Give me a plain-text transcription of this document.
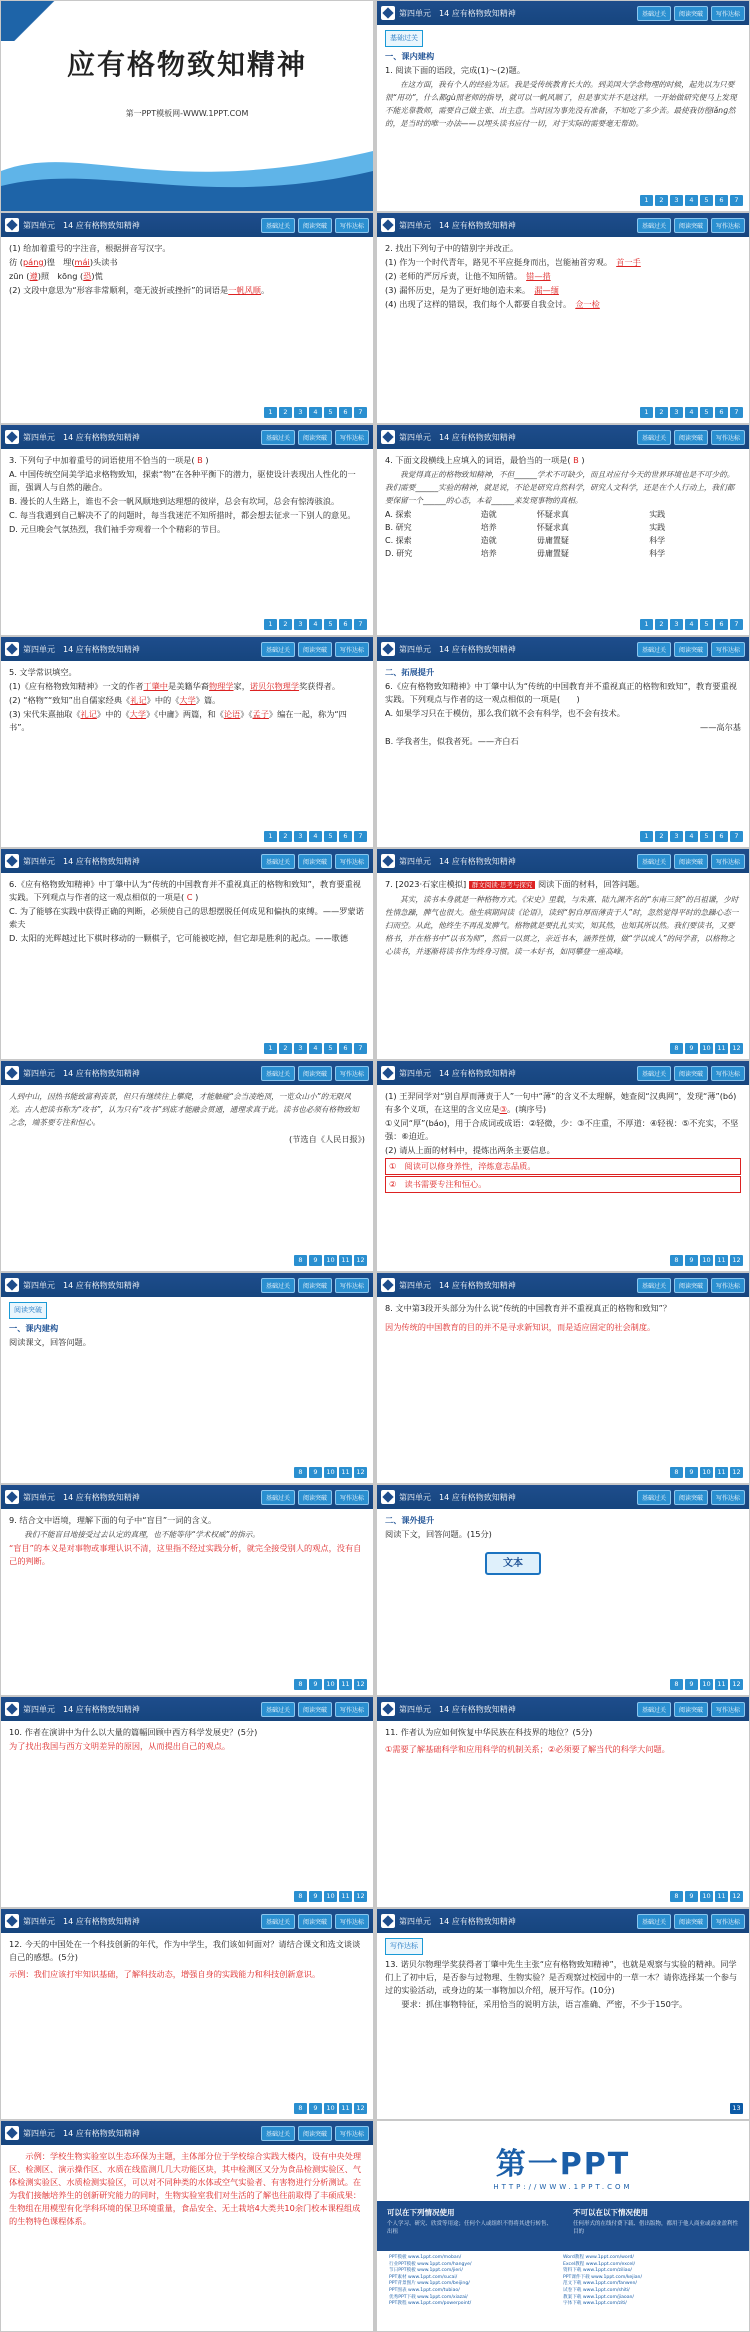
应有格物致知精神
第一PPT模板网-WWW.1PPT.COM
第四单元　14 应有格物致知精神	基础过关	阅读突破	写作达标
基础过关

一、课内建构

1. 阅读下面的语段，完成(1)～(2)题。

　　在这方面，我有个人的经验为证。我是受传统教育长大的。到美国大学念物理的时候，起先以为只要很“用功”，什么都ɡù照老师的指导，就可以一帆风顺了，但是事实并不是这样。一开始做研究便马上发现不能光靠教师，需要自己做主张、出主意。当时因为事先没有准备，不知吃了多少苦。最使我彷徨lǎnɡ然的，是当时的唯一办法——以埋头读书应付一切，对于实际的需要毫无帮助。

1	2	3	4	5	6	7
第四单元　14 应有格物致知精神	基础过关	阅读突破	写作达标

(1) 给加着重号的字注音，根据拼音写汉字。

彷 (páng)徨　埋(mái)头读书

zūn (遵)照　kōng (恐)慌

(2) 文段中意思为“形容非常顺利，毫无波折或挫折”的词语是一帆风顺。

1	2	3	4	5	6	7
第四单元　14 应有格物致知精神	基础过关	阅读突破	写作达标

2. 找出下列句子中的错别字并改正。

(1) 作为一个时代青年，路见不平应挺身而出，岂能袖首旁观。　 首一手

(2) 老师的严厉斥责，让他不知所错。　 错—措

(3) 漏怀历史，是为了更好地创造未来。　 漏—缅

(4) 出现了这样的错误，我们每个人都要自我佥讨。　 佥一检

1	2	3	4	5	6	7
第四单元　14 应有格物致知精神	基础过关	阅读突破	写作达标

3. 下列句子中加着重号的词语使用不恰当的一项是( B )

A. 中国传统空间美学追求格物致知，探索“物”在各种平衡下的潜力，驱使设计表现出人性化的一面，强调人与自然的融合。

B. 漫长的人生路上，谁也不会一帆风顺地到达理想的彼岸，总会有坎坷，总会有惊涛骇浪。

C. 每当我遇到自己解决不了的问题时，每当我迷茫不知所措时，都会想去征求一下别人的意见。

D. 元旦晚会气氛热烈，我们袖手旁观着一个个精彩的节目。

1	2	3	4	5	6	7
第四单元　14 应有格物致知精神	基础过关	阅读突破	写作达标

4. 下面文段横线上应填入的词语，最恰当的一项是( B )

　　我觉得真正的格物致知精神，不但______学术不可缺少，而且对应付今天的世界环境也是不可少的。我们需要______实验的精神，就是说，不论是研究自然科学，研究人文科学，还是在个人行动上，我们都要保留一个______的心态，本着______来发现事物的真相。

A. 探索	造就	怀疑求真	实践
B. 研究	培养	怀疑求真	实践
C. 探索	造就	毋庸置疑	科学
D. 研究	培养	毋庸置疑	科学
1	2	3	4	5	6	7
第四单元　14 应有格物致知精神	基础过关	阅读突破	写作达标

5. 文学常识填空。

(1)《应有格物致知精神》一文的作者丁肇中是美籍华裔物理学家，诺贝尔物理学奖获得者。

(2) “格物”“致知”出自儒家经典《礼记》中的《大学》篇。

(3) 宋代朱熹抽取《礼记》中的《大学》《中庸》两篇，和《论语》《孟子》编在一起，称为“四书”。

1	2	3	4	5	6	7
第四单元　14 应有格物致知精神	基础过关	阅读突破	写作达标

二、拓展提升

6.《应有格物致知精神》中丁肇中认为“传统的中国教育并不重视真正的格物和致知”，教育要重视实践。下列观点与作者的这一观点相似的一项是(　　)

A. 如果学习只在于模仿，那么我们就不会有科学，也不会有技术。

——高尔基

B. 学我者生，似我者死。——齐白石

1	2	3	4	5	6	7
第四单元　14 应有格物致知精神	基础过关	阅读突破	写作达标

6.《应有格物致知精神》中丁肇中认为“传统的中国教育并不重视真正的格物和致知”，教育要重视实践。下列观点与作者的这一观点相似的一项是( C )

C. 为了能够在实践中获得正确的判断，必须使自己的思想摆脱任何成见和偏执的束缚。——罗蒙诺索夫

D. 太阳的光辉越过比下棋时移动的一颗棋子，它可能被吃掉，但它却是胜利的起点。——歌德

1	2	3	4	5	6	7
第四单元　14 应有格物致知精神	基础过关	阅读突破	写作达标

7. [2023·石家庄模拟] 群文阅读·思考与探究 阅读下面的材料，回答问题。

　　其实，读书本身就是一种格物方式。《宋史》里载，与朱熹、陆九渊齐名的“东南三贤”的吕祖谦，少时性情急躁，脾气也很大。他生病期间读《论语》，读到“躬自厚而薄责于人”时，忽然觉得平时的急躁心态一扫而空。从此，他终生不再乱发脾气。格物就是要扎扎实实，知其然，也知其所以然。我们要读书，又要格书，并在格书中“以书为师”，然后一以贯之，亲近书本，涵养性情，做“学以成人”的问学者，以格物之心读书，并逐渐将读书作为终身习惯。读一本好书，如同攀登一座高峰。

8	9	10	11	12
第四单元　14 应有格物致知精神	基础过关	阅读突破	写作达标

人到中山，因热书能致富利丧景，但只有继续往上攀爬，才能触碰“会当凌绝顶，一览众山小”的无限风光。古人把读书称为“攻书”，认为只有“攻书”到底才能融会贯通，通理求真于此。读书也必须有格物致知之念，端茶要专注和恒心。

(节选自《人民日报》)

8	9	10	11	12
第四单元　14 应有格物致知精神	基础过关	阅读突破	写作达标

(1) 王羿同学对“别自厚而薄责于人”一句中“薄”的含义不太理解，她查阅“汉典网”，发现“薄”(bó)有多个义项，在这里的含义应是③。(填序号)

①义同“厚”(báo)，用于合成词或成语：②轻微，少：③不庄重，不厚道：④轻视：⑤不充实，不坚强：⑥迫近。

(2) 请从上面的材料中，提炼出两条主要信息。

①　阅读可以修身养性，淬炼意志品质。

②　读书需要专注和恒心。

8	9	10	11	12
第四单元　14 应有格物致知精神	基础过关	阅读突破	写作达标
阅读突破

一、课内建构

阅读课文，回答问题。

8	9	10	11	12
第四单元　14 应有格物致知精神	基础过关	阅读突破	写作达标

8. 文中第3段开头部分为什么说“传统的中国教育并不重视真正的格物和致知”？

因为传统的中国教育的目的并不是寻求新知识，而是适应固定的社会制度。

8	9	10	11	12
第四单元　14 应有格物致知精神	基础过关	阅读突破	写作达标

9. 结合文中语境，理解下面的句子中“盲目”一词的含义。

　　我们不能盲目地接受过去认定的真理，也不能等待“学术权威”的指示。

“盲目”的本义是对事物或事理认识不清，这里指不经过实践分析，就完全接受别人的观点，没有自己的判断。

8	9	10	11	12
第四单元　14 应有格物致知精神	基础过关	阅读突破	写作达标

二、课外提升

阅读下文，回答问题。(15分)

文本
8	9	10	11	12
第四单元　14 应有格物致知精神	基础过关	阅读突破	写作达标

10. 作者在演讲中为什么以大量的篇幅回顾中西方科学发展史？(5分)

为了找出我国与西方文明差异的原因，从而提出自己的观点。

8	9	10	11	12
第四单元　14 应有格物致知精神	基础过关	阅读突破	写作达标

11. 作者认为应如何恢复中华民族在科技界的地位？(5分)

①需要了解基础科学和应用科学的机制关系；②必须要了解当代的科学大问题。

8	9	10	11	12
第四单元　14 应有格物致知精神	基础过关	阅读突破	写作达标

12. 今天的中国处在一个科技创新的年代，作为中学生，我们该如何面对？请结合课文和选文谈谈自己的感想。(5分)

示例：我们应该打牢知识基础，了解科技动态，增强自身的实践能力和科技创新意识。

8	9	10	11	12
第四单元　14 应有格物致知精神	基础过关	阅读突破	写作达标
写作达标

13. 诺贝尔物理学奖获得者丁肇中先生主张“应有格物致知精神”，也就是观察与实验的精神。同学们上了初中后，是否参与过物理、生物实验？是否观察过校园中的一草一木？请你选择某一个参与过的实验活动，或身边的某一事物加以介绍，展开写作。(10分)

　　要求：抓住事物特征，采用恰当的说明方法，语言准确、严密，不少于150字。

13
第四单元　14 应有格物致知精神	基础过关	阅读突破	写作达标

　　示例：学校生物实验室以生态环保为主题，主体部分位于学校综合实践大楼内，设有中央处理区、检测区、演示操作区、水质在线监测几几大功能区块，其中检测区又分为食品检测实验区、气体检测实验区、水质检测实验区，可以对不同种类的水体或空气实验者、有害物进行分析测试。在为我们接触培养生的创新研究能力的同时，生物实验室我们对生活的了解也往前取得了丰硕成果：生物组在用模型有化学科环境的保卫环境重量，食品安全、无土栽培4大类共10余门校本课程组成的生物特色课程体系。

第一PPT
HTTP://WWW.1PPT.COM
可以在下列情况使用
个人学习、研究、欣赏等用途；任何个人或组织不得将其进行转售、出租
不可以在以下情况使用
任何形式的在线付费下载、借出版物，都用于他人商业或商业盈利性目的
PPT模板 www.1ppt.com/moban/
行业PPT模板 www.1ppt.com/hangye/
节日PPT模板 www.1ppt.com/jieri/
PPT素材 www.1ppt.com/sucai/
PPT背景图片 www.1ppt.com/beijing/
PPT图表 www.1ppt.com/tubiao/
优秀PPT下载 www.1ppt.com/xiazai/
PPT教程 www.1ppt.com/powerpoint/
Word教程 www.1ppt.com/word/
Excel教程 www.1ppt.com/excel/
资料下载 www.1ppt.com/ziliao/
PPT课件下载 www.1ppt.com/kejian/
范文下载 www.1ppt.com/fanwen/
试卷下载 www.1ppt.com/shiti/
教案下载 www.1ppt.com/jiaoan/
字体下载 www.1ppt.com/ziti/
